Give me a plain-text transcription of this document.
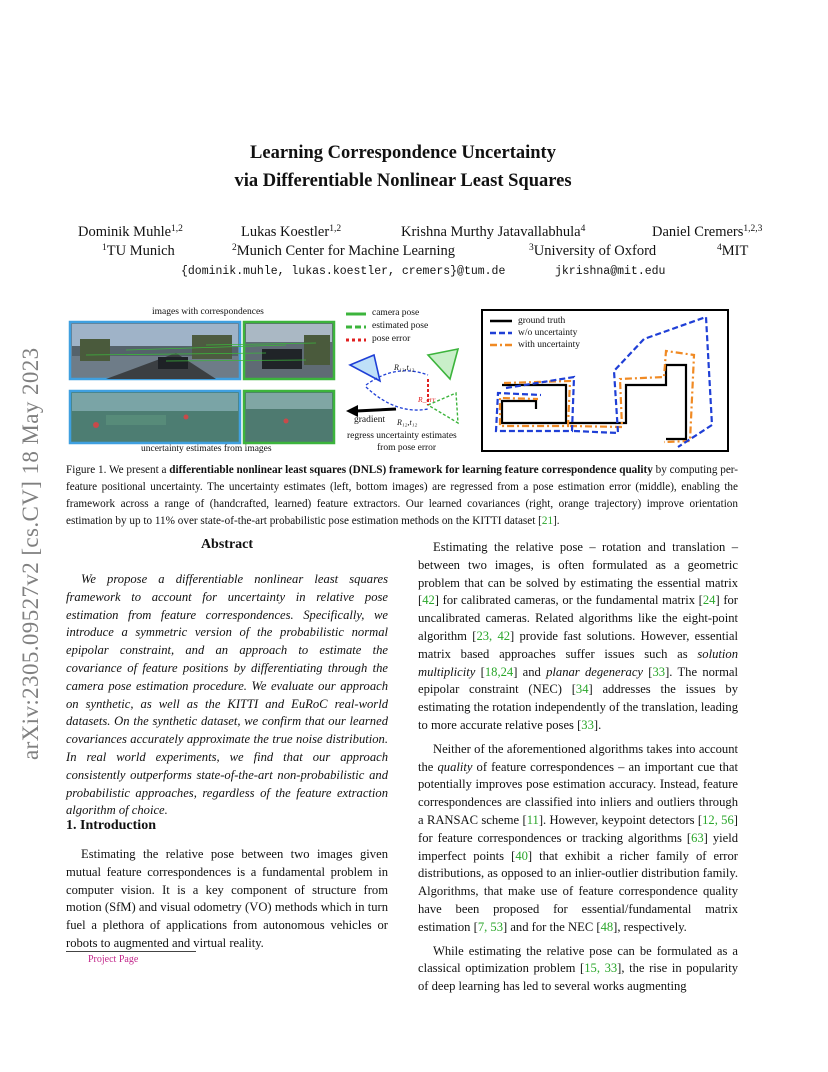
arXiv:2305.09527v2 [cs.CV] 18 May 2023
Learning Correspondence Uncertainty
via Differentiable Nonlinear Least Squares
Dominik Muhle$^{1,2}$	Lukas Koestler$^{1,2}$	Krishna Murthy Jatavallabhula$^4$	Daniel Cremers$^{1,2,3}$
$^1$TU Munich	$^2$Munich Center for Machine Learning	$^3$University of Oxford	$^4$MIT
{dominik.muhle, lukas.koestler, cremers}@tum.de	jkrishna@mit.edu
images with correspondences
uncertainty estimates from images
camera pose
estimated pose
pose error
R₁₂,t₁₂
R_err
gradient R₁₂,t₁₂
regress uncertainty estimates
from pose error
ground truth
w/o uncertainty
with uncertainty
Figure 1. We present a differentiable nonlinear least squares (DNLS) framework for learning feature correspondence quality by computing per-feature positional uncertainty. The uncertainty estimates (left, bottom images) are regressed from a pose estimation error (middle), enabling the framework across a range of (handcrafted, learned) feature extractors. Our learned covariances (right, orange trajectory) improve orientation estimation by up to 11% over state-of-the-art probabilistic pose estimation methods on the KITTI dataset [21].
Abstract

We propose a differentiable nonlinear least squares framework to account for uncertainty in relative pose estimation from feature correspondences. Specifically, we introduce a symmetric version of the probabilistic normal epipolar constraint, and an approach to estimate the covariance of feature positions by differentiating through the camera pose estimation procedure. We evaluate our approach on synthetic, as well as the KITTI and EuRoC real-world datasets. On the synthetic dataset, we confirm that our learned covariances accurately approximate the true noise distribution. In real world experiments, we find that our approach consistently outperforms state-of-the-art non-probabilistic and probabilistic approaches, regardless of the feature extraction algorithm of choice.

1. Introduction

Estimating the relative pose between two images given mutual feature correspondences is a fundamental problem in computer vision. It is a key component of structure from motion (SfM) and visual odometry (VO) methods which in turn fuel a plethora of applications from autonomous vehicles or robots to augmented and virtual reality.

Project Page

Estimating the relative pose – rotation and translation – between two images, is often formulated as a geometric problem that can be solved by estimating the essential matrix [42] for calibrated cameras, or the fundamental matrix [24] for uncalibrated cameras. Related algorithms like the eight-point algorithm [23, 42] provide fast solutions. However, essential matrix based approaches suffer issues such as solution multiplicity [18,24] and planar degeneracy [33]. The normal epipolar constraint (NEC) [34] addresses the issues by estimating the rotation independently of the translation, leading to more accurate relative poses [33].

Neither of the aforementioned algorithms takes into account the quality of feature correspondences – an important cue that potentially improves pose estimation accuracy. Instead, feature correspondences are classified into inliers and outliers through a RANSAC scheme [11]. However, keypoint detectors [12, 56] for feature correspondences or tracking algorithms [63] yield imperfect points [40] that exhibit a richer family of error distributions, as opposed to an inlier-outlier distribution family. Algorithms, that make use of feature correspondence quality have been proposed for essential/fundamental matrix estimation [7, 53] and for the NEC [48], respectively.

While estimating the relative pose can be formulated as a classical optimization problem [15, 33], the rise in popularity of deep learning has led to several works augmenting
